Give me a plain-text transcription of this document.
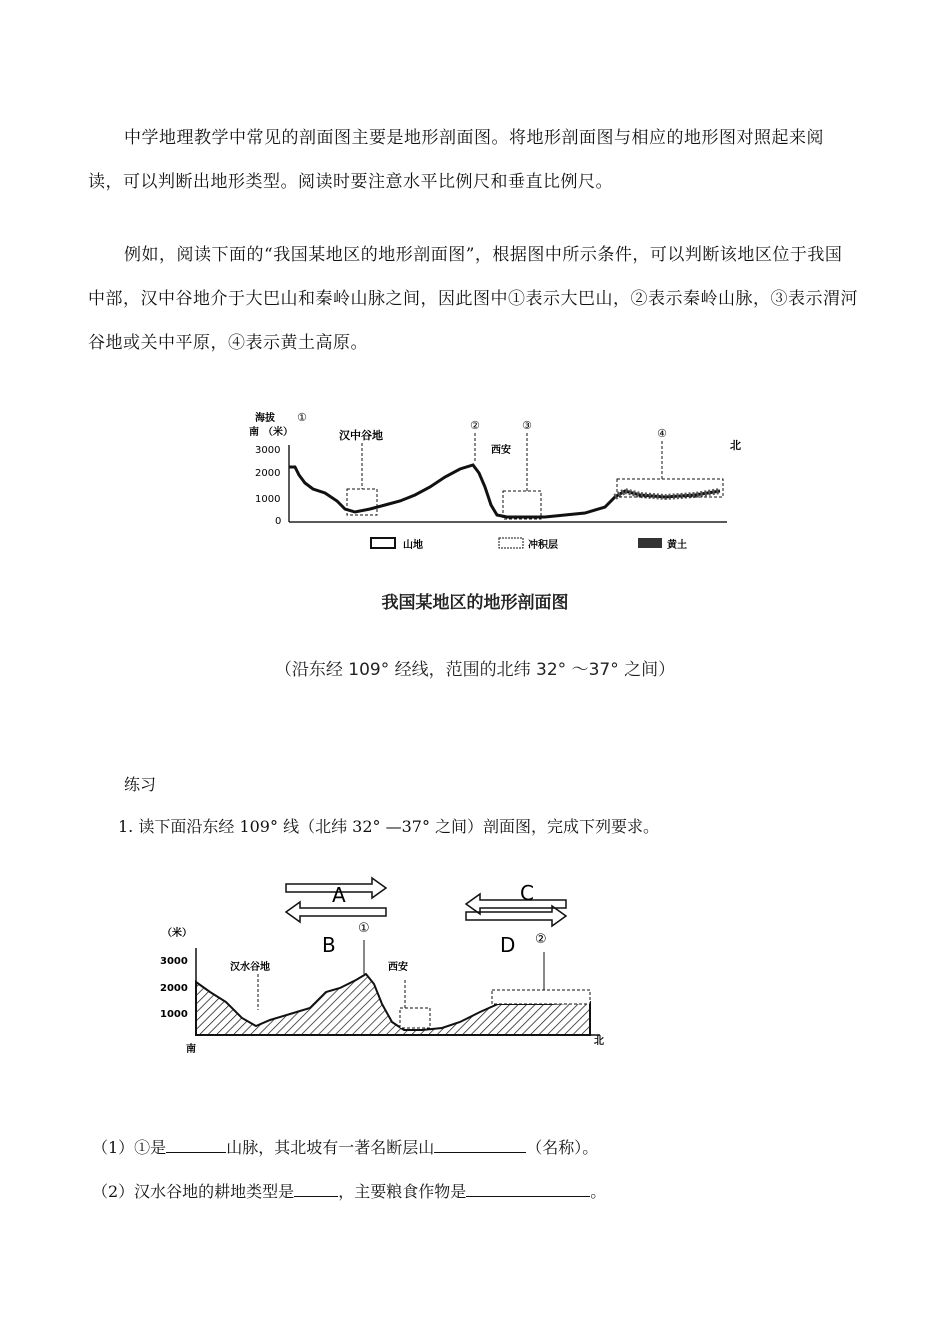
中学地理教学中常见的剖面图主要是地形剖面图。将地形剖面图与相应的地形图对照起来阅读，可以判断出地形类型。阅读时要注意水平比例尺和垂直比例尺。
例如，阅读下面的“我国某地区的地形剖面图”，根据图中所示条件，可以判断该地区位于我国中部，汉中谷地介于大巴山和秦岭山脉之间，因此图中①表示大巴山，②表示秦岭山脉，③表示渭河谷地或关中平原，④表示黄土高原。
海拔
南 （米）
①
北
3000
2000
1000
0
汉中谷地
③
西安
②
④
山地	冲积层	黄土
我国某地区的地形剖面图
（沿东经 109° 经线，范围的北纬 32° ～37° 之间）
练习
1. 读下面沿东经 109° 线（北纬 32° —37° 之间）剖面图，完成下列要求。
A
B
C
D
（米）
3000
2000
1000
南
北
汉水谷地	西安
①
②
（1）①是	山脉，其北坡有一著名断层山	（名称）。
（2）汉水谷地的耕地类型是	，主要粮食作物是	。
